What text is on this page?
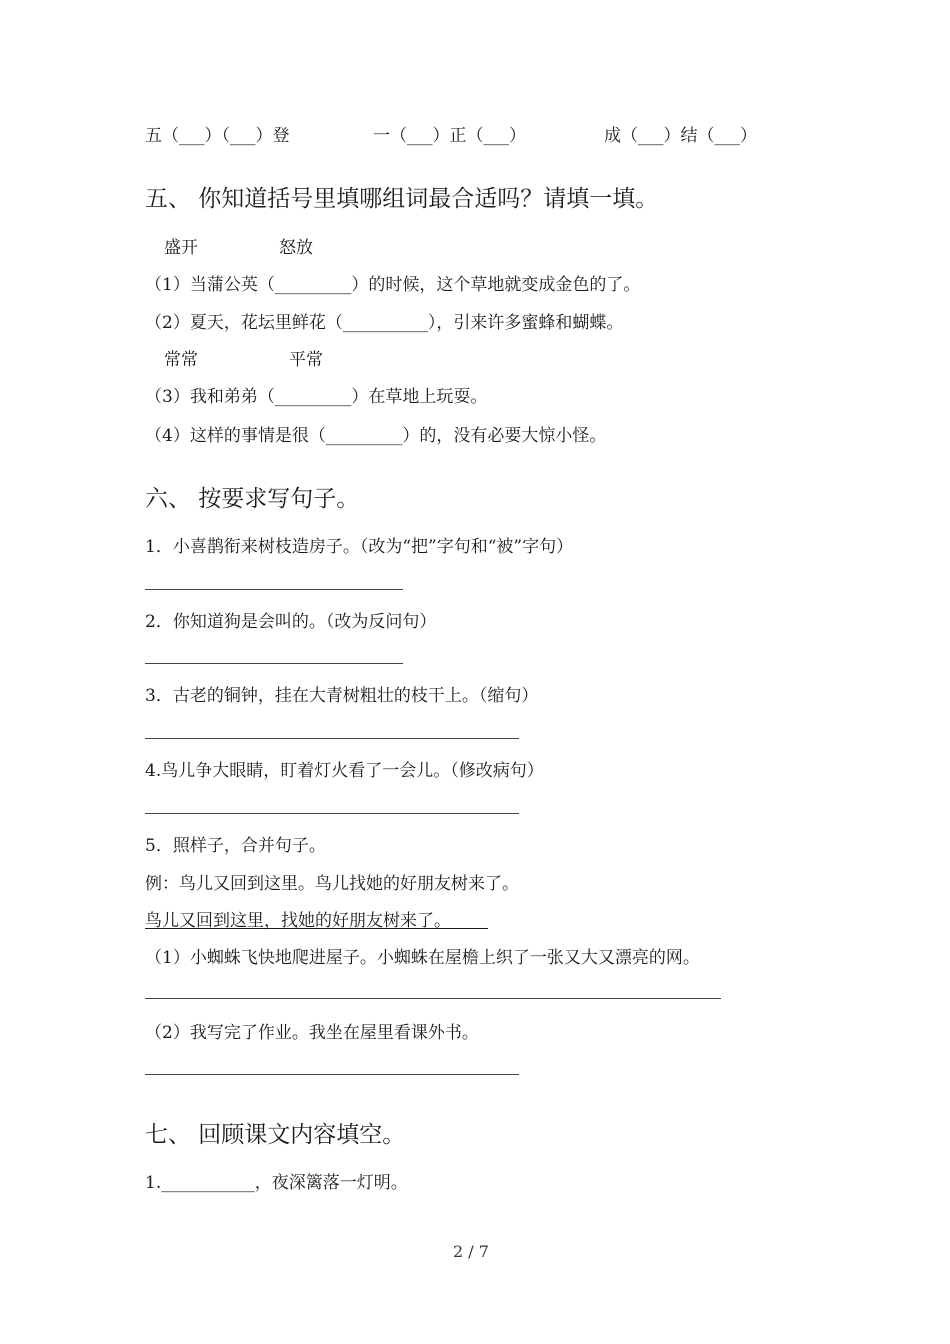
五（___）（___）登	一（___）正（___）	成（___）结（___）
五、 你知道括号里填哪组词最合适吗？请填一填。
盛开	怒放
（1）当蒲公英（_________）的时候，这个草地就变成金色的了。
（2）夏天，花坛里鲜花（__________），引来许多蜜蜂和蝴蝶。
常常	平常
（3）我和弟弟（_________）在草地上玩耍。
（4）这样的事情是很（_________）的，没有必要大惊小怪。
六、 按要求写句子。
1．小喜鹊衔来树枝造房子。（改为“把”字句和“被”字句）
2．你知道狗是会叫的。（改为反问句）
3．古老的铜钟，挂在大青树粗壮的枝干上。（缩句）
4.鸟儿争大眼睛，盯着灯火看了一会儿。（修改病句）
5．照样子，合并句子。
例：鸟儿又回到这里。鸟儿找她的好朋友树来了。
鸟儿又回到这里，找她的好朋友树来了。
（1）小蜘蛛飞快地爬进屋子。小蜘蛛在屋檐上织了一张又大又漂亮的网。
（2）我写完了作业。我坐在屋里看课外书。
七、 回顾课文内容填空。
1.___________，夜深篱落一灯明。
2 / 7
